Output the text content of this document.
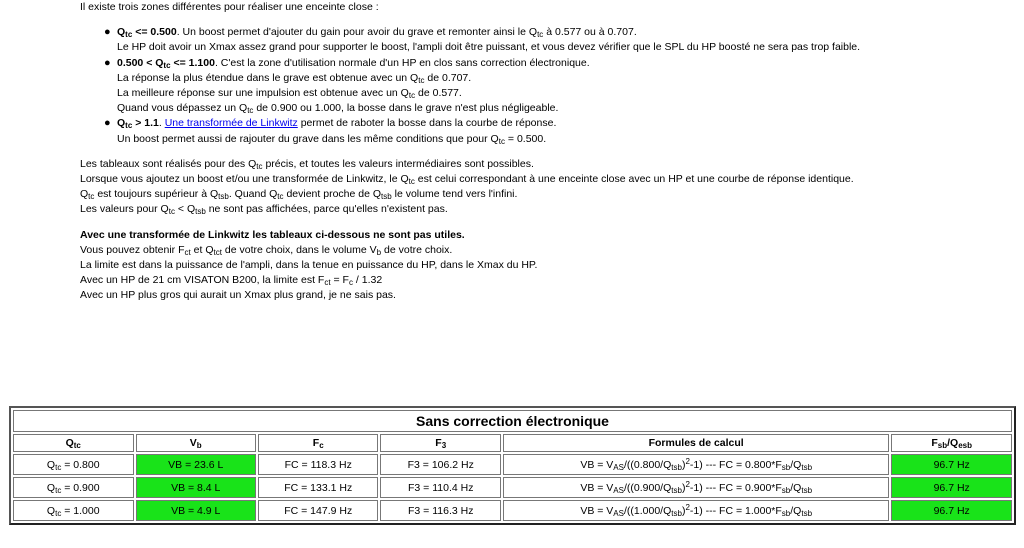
Il existe trois zones différentes pour réaliser une enceinte close :

● $Q_{tc} <= 0.500$. Un boost permet d'ajouter du gain pour avoir du grave et remonter ainsi le $Q_{tc}$ à 0.577 ou à 0.707.
Le HP doit avoir un Xmax assez grand pour supporter le boost, l'ampli doit être puissant, et vous devez vérifier que le SPL du HP boosté ne sera pas trop faible.
● $0.500 < Q_{tc} <= 1.100$. C'est la zone d'utilisation normale d'un HP en clos sans correction électronique.
La réponse la plus étendue dans le grave est obtenue avec un $Q_{tc}$ de 0.707.
La meilleure réponse sur une impulsion est obtenue avec un $Q_{tc}$ de 0.577.
Quand vous dépassez un $Q_{tc}$ de 0.900 ou 1.000, la bosse dans le grave n'est plus négligeable.
● $Q_{tc} > 1.1$. Une transformée de Linkwitz permet de raboter la bosse dans la courbe de réponse.
Un boost permet aussi de rajouter du grave dans les même conditions que pour $Q_{tc} = 0.500$.

Les tableaux sont réalisés pour des $Q_{tc}$ précis, et toutes les valeurs intermédiaires sont possibles.

Lorsque vous ajoutez un boost et/ou une transformée de Linkwitz, le $Q_{tc}$ est celui correspondant à une enceinte close avec un HP et une courbe de réponse identique.

$Q_{tc}$ est toujours supérieur à $Q_{tsb}$. Quand $Q_{tc}$ devient proche de $Q_{tsb}$ le volume tend vers l'infini.

Les valeurs pour $Q_{tc} < Q_{tsb}$ ne sont pas affichées, parce qu'elles n'existent pas.

Avec une transformée de Linkwitz les tableaux ci-dessous ne sont pas utiles.

Vous pouvez obtenir $F_{ct}$ et $Q_{tct}$ de votre choix, dans le volume $V_b$ de votre choix.

La limite est dans la puissance de l'ampli, dans la tenue en puissance du HP, dans le Xmax du HP.

Avec un HP de 21 cm VISATON B200, la limite est $F_{ct} = F_c / 1.32$

Avec un HP plus gros qui aurait un Xmax plus grand, je ne sais pas.

Sans correction électronique					
$Q_{tc}$	$V_b$	$F_c$	$F_3$	Formules de calcul	$F_{sb}/Q_{esb}$
$Q_{tc} = 0.800$	VB = 23.6 L	FC = 118.3 Hz	F3 = 106.2 Hz	VB = $V_{AS}/((0.800/Q_{tsb})^2-1)$ --- FC = $0.800*F_{sb}/Q_{tsb}$	96.7 Hz
$Q_{tc} = 0.900$	VB = 8.4 L	FC = 133.1 Hz	F3 = 110.4 Hz	VB = $V_{AS}/((0.900/Q_{tsb})^2-1)$ --- FC = $0.900*F_{sb}/Q_{tsb}$	96.7 Hz
$Q_{tc} = 1.000$	VB = 4.9 L	FC = 147.9 Hz	F3 = 116.3 Hz	VB = $V_{AS}/((1.000/Q_{tsb})^2-1)$ --- FC = $1.000*F_{sb}/Q_{tsb}$	96.7 Hz
